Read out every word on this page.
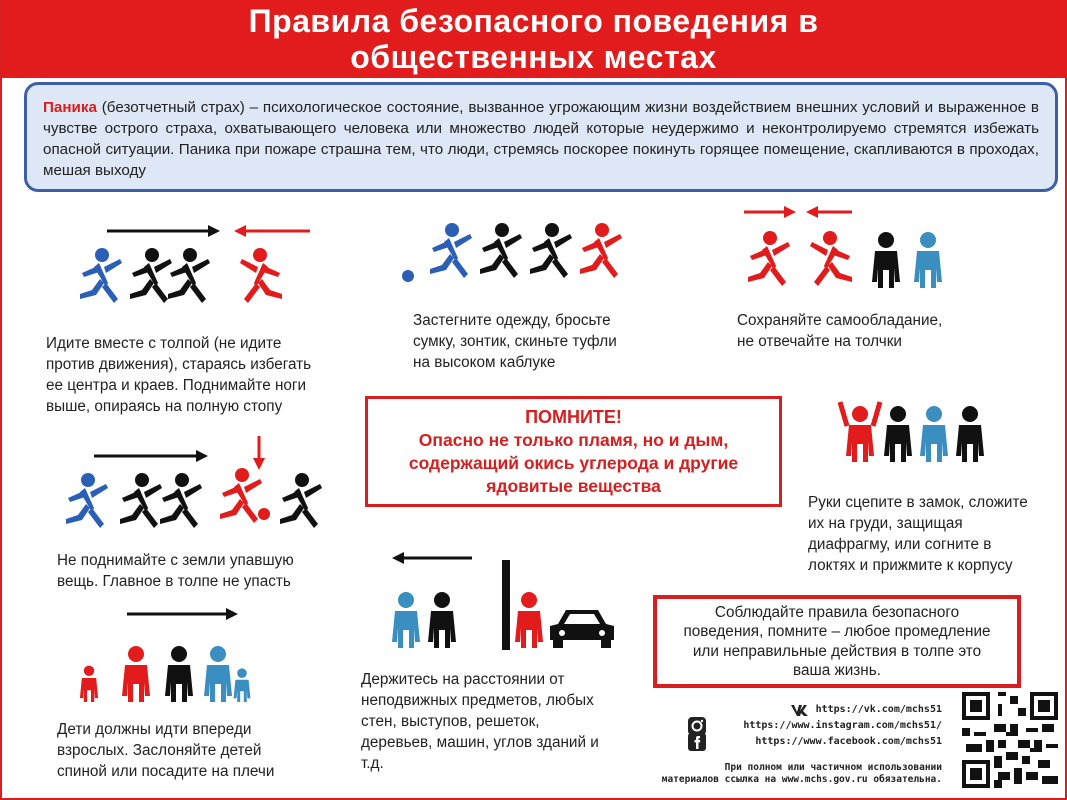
Правила безопасного поведения в
общественных местах
Паника (безотчетный страх) – психологическое состояние, вызванное угрожающим жизни воздействием внешних условий и выраженное в чувстве острого страха, охватывающего человека или множество людей которые неудержимо и неконтролируемо стремятся избежать опасной ситуации. Паника при пожаре страшна тем, что люди, стремясь поскорее покинуть горящее помещение, скапливаются в проходах, мешая выходу
Идите вместе с толпой (не идите
против движения), стараясь избегать
ее центра и краев. Поднимайте ноги
выше, опираясь на полную стопу
Застегните одежду, бросьте
сумку, зонтик, скиньте туфли
на высоком каблуке
Сохраняйте самообладание,
не отвечайте на толчки
Руки сцепите в замок, сложите
их на груди, защищая
диафрагму, или согните в
локтях и прижмите к корпусу
Не поднимайте с земли упавшую
вещь. Главное в толпе не упасть
Держитесь на расстоянии от
неподвижных предметов, любых
стен, выступов, решеток,
деревьев, машин, углов зданий и
т.д.
Дети должны идти впереди
взрослых. Заслоняйте детей
спиной или посадите на плечи
ПОМНИТЕ!
Опасно не только пламя, но и дым,
содержащий окись углерода и другие
ядовитые вещества
Соблюдайте правила безопасного
поведения, помните – любое промедление
или неправильные действия в толпе это
ваша жизнь.
https://vk.com/mchs51
https://www.instagram.com/mchs51/
https://www.facebook.com/mchs51
При полном или частичном использовании
материалов ссылка на www.mchs.gov.ru обязательна.
